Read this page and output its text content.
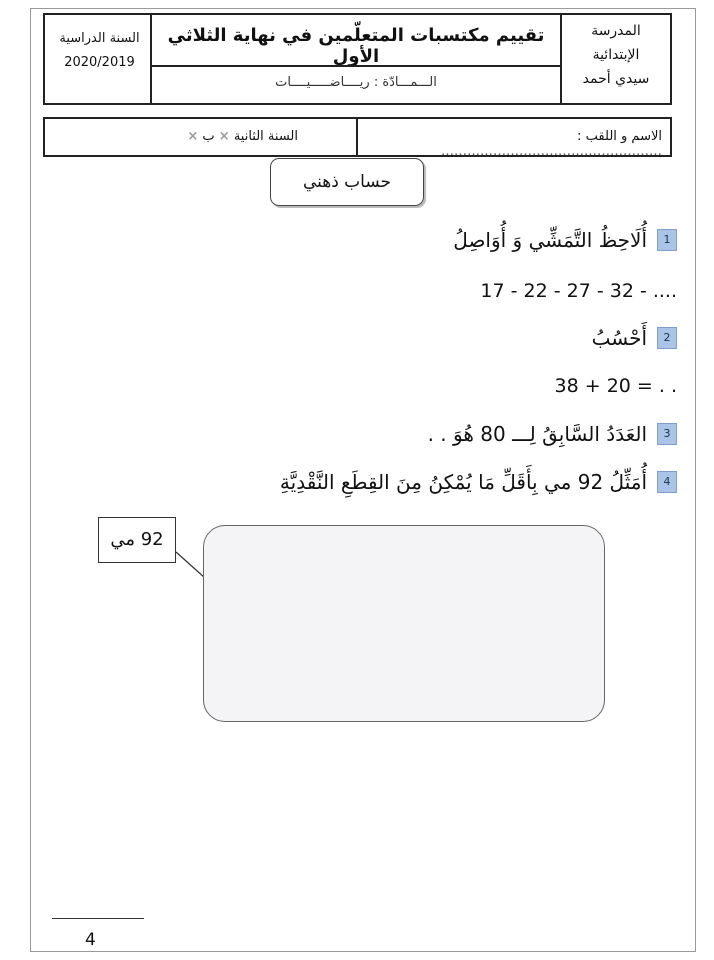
المدرسة
الإبتدائية
سيدي أحمد
تقييم مكتسبات المتعلّمين في نهاية الثلاثي الأول
الـــمـــادّة : ريــــاضـــــيــــات
السنة الدراسية
2020/2019
الاسم و اللقب : ……………………………………………
السنة الثانية × ب ×
حساب ذهني
1
أُلَاحِظُ التَّمَشِّي وَ أُوَاصِلُ
17 - 22 - 27 - 32 - ....
2
أَحْسُبُ
38 + 20 = . .
3
العَدَدُ السَّابِقُ لِـــ 80 هُوَ . .
4
أُمَثِّلُ 92 مي بِأَقَلِّ مَا يُمْكِنُ مِنَ القِطَعِ النَّقْدِيَّةِ
92 مي
4
